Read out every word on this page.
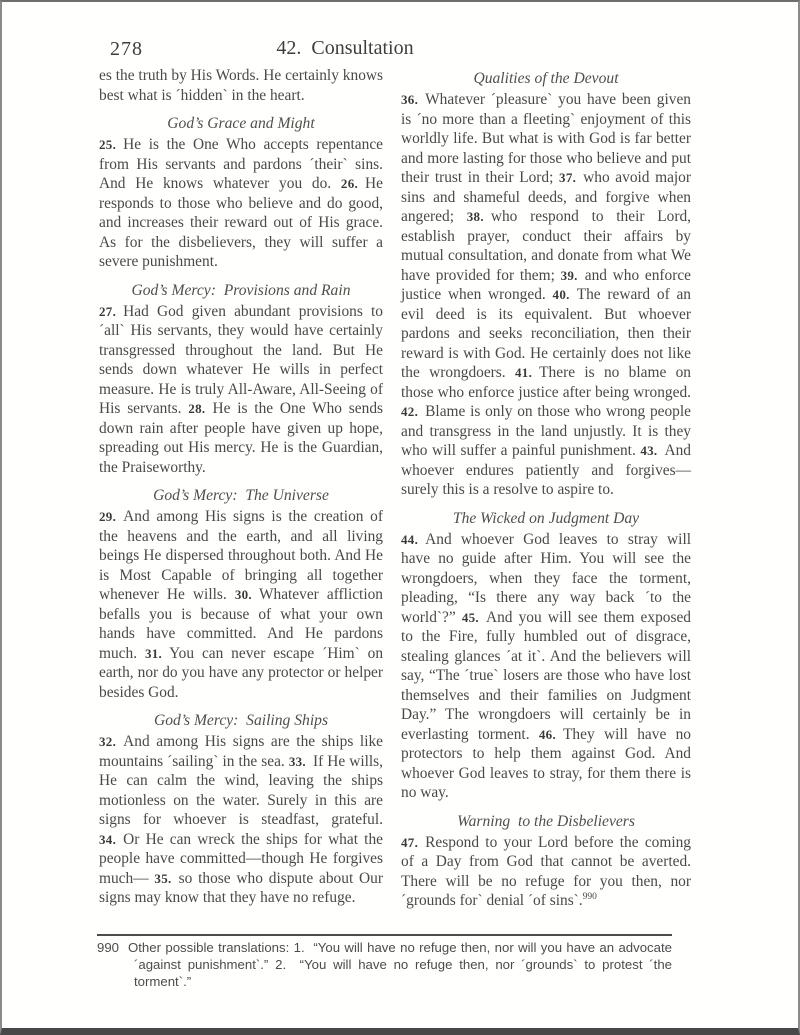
278	42.  Consultation

es the truth by His Words. He certainly knows best what is ´hidden` in the heart.

God’s Grace and Might

25. He is the One Who accepts repentance from His servants and pardons ´their` sins. And He knows whatever you do. 26. He responds to those who believe and do good, and increases their reward out of His grace. As for the disbelievers, they will suffer a severe punishment.

God’s Mercy:  Provisions and Rain

27. Had God given abundant provisions to ´all` His servants, they would have certainly transgressed throughout the land. But He sends down whatever He wills in perfect measure. He is truly All-Aware, All-Seeing of His servants. 28. He is the One Who sends down rain after people have given up hope, spreading out His mercy. He is the Guardian, the Praiseworthy.

God’s Mercy:  The Universe

29. And among His signs is the creation of the heavens and the earth, and all living beings He dispersed throughout both. And He is Most Capable of bringing all together whenever He wills. 30. Whatever affliction befalls you is because of what your own hands have committed. And He pardons much. 31. You can never escape ´Him` on earth, nor do you have any protector or helper besides God.

God’s Mercy:  Sailing Ships

32. And among His signs are the ships like mountains ´sailing` in the sea. 33. If He wills, He can calm the wind, leaving the ships motionless on the water. Surely in this are signs for whoever is steadfast, grateful. 34. Or He can wreck the ships for what the people have committed—though He forgives much— 35. so those who dispute about Our signs may know that they have no refuge.

Qualities of the Devout

36. Whatever ´pleasure` you have been given is ´no more than a fleeting` enjoyment of this worldly life. But what is with God is far better and more lasting for those who believe and put their trust in their Lord; 37. who avoid major sins and shameful deeds, and forgive when angered; 38. who respond to their Lord, establish prayer, conduct their affairs by mutual consultation, and donate from what We have provided for them; 39. and who enforce justice when wronged. 40. The reward of an evil deed is its equivalent. But whoever pardons and seeks reconciliation, then their reward is with God. He certainly does not like the wrongdoers. 41. There is no blame on those who enforce justice after being wronged. 42. Blame is only on those who wrong people and transgress in the land unjustly. It is they who will suffer a painful punishment. 43. And whoever endures patiently and forgives—surely this is a resolve to aspire to.

The Wicked on Judgment Day

44. And whoever God leaves to stray will have no guide after Him. You will see the wrongdoers, when they face the torment, pleading, “Is there any way back ´to the world`?” 45. And you will see them exposed to the Fire, fully humbled out of disgrace, stealing glances ´at it`. And the believers will say, “The ´true` losers are those who have lost themselves and their families on Judgment Day.” The wrongdoers will certainly be in everlasting torment. 46. They will have no protectors to help them against God. And whoever God leaves to stray, for them there is no way.

Warning  to the Disbelievers

47. Respond to your Lord before the coming of a Day from God that cannot be averted. There will be no refuge for you then, nor ´grounds for` denial ´of sins`.$^{990}$

990 Other possible translations: 1.  “You will have no refuge then, nor will you have an advocate ´against punishment`.” 2.  “You will have no refuge then, nor ´grounds` to protest ´the torment`.”
